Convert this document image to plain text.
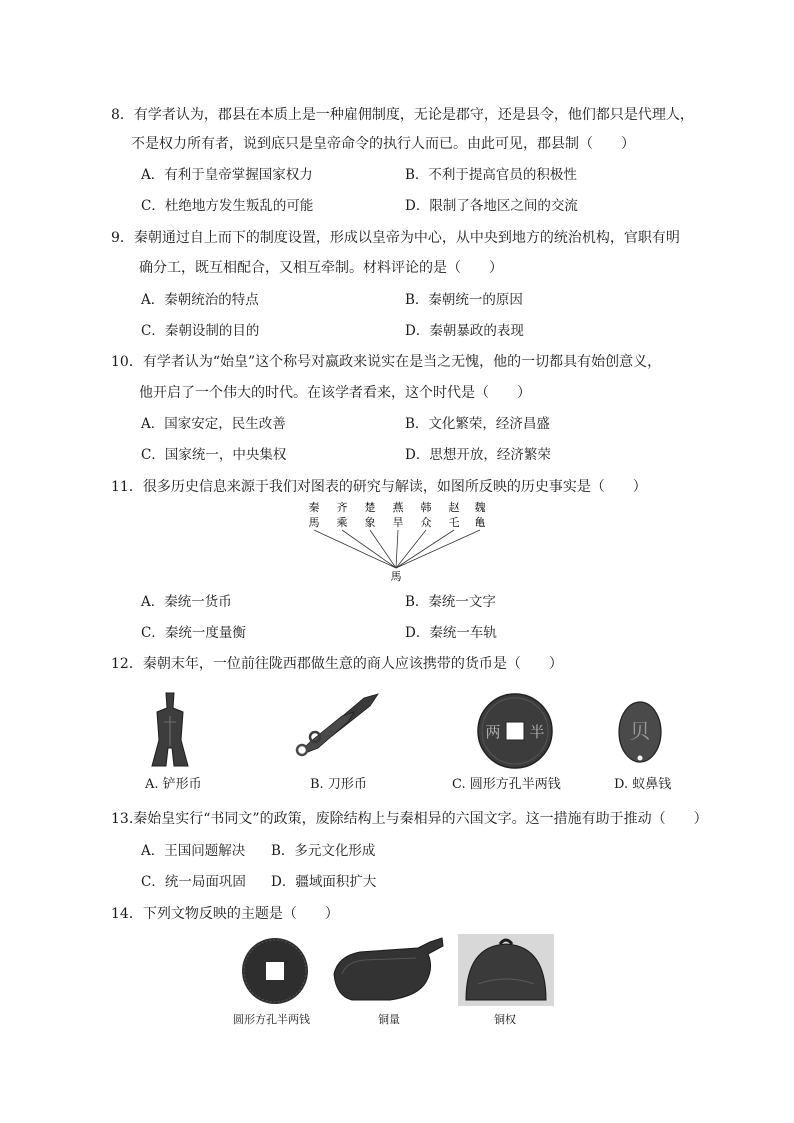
8．有学者认为，郡县在本质上是一种雇佣制度，无论是郡守，还是县令，他们都只是代理人，
不是权力所有者，说到底只是皇帝命令的执行人而已。由此可见，郡县制（　　）
A．有利于皇帝掌握国家权力	B．不利于提高官员的积极性
C．杜绝地方发生叛乱的可能	D．限制了各地区之间的交流
9．秦朝通过自上而下的制度设置，形成以皇帝为中心，从中央到地方的统治机构，官职有明
确分工，既互相配合，又相互牵制。材料评论的是（　　）
A．秦朝统治的特点	B．秦朝统一的原因
C．秦朝设制的目的	D．秦朝暴政的表现
10．有学者认为“始皇”这个称号对嬴政来说实在是当之无愧，他的一切都具有始创意义，
他开启了一个伟大的时代。在该学者看来，这个时代是（　　）
A．国家安定，民生改善	B．文化繁荣，经济昌盛
C．国家统一，中央集权	D．思想开放，经济繁荣
11．很多历史信息来源于我们对图表的研究与解读，如图所反映的历史事实是（　　）
秦 齐 楚 燕 韩 赵 魏
馬 乘 象 旱 众 乇 亀
馬
A．秦统一货币	B．秦统一文字
C．秦统一度量衡	D．秦统一车轨
12．秦朝末年，一位前往陇西郡做生意的商人应该携带的货币是（　　）
A. 铲形币	B. 刀形币
两 半
C. 圆形方孔半两钱
贝
D. 蚁鼻钱
13.秦始皇实行“书同文”的政策，废除结构上与秦相异的六国文字。这一措施有助于推动（　　）
A．王国问题解决 B．多元文化形成
C．统一局面巩固 D．疆域面积扩大
14．下列文物反映的主题是（　　）
圆形方孔半两钱	铜量	铜权
